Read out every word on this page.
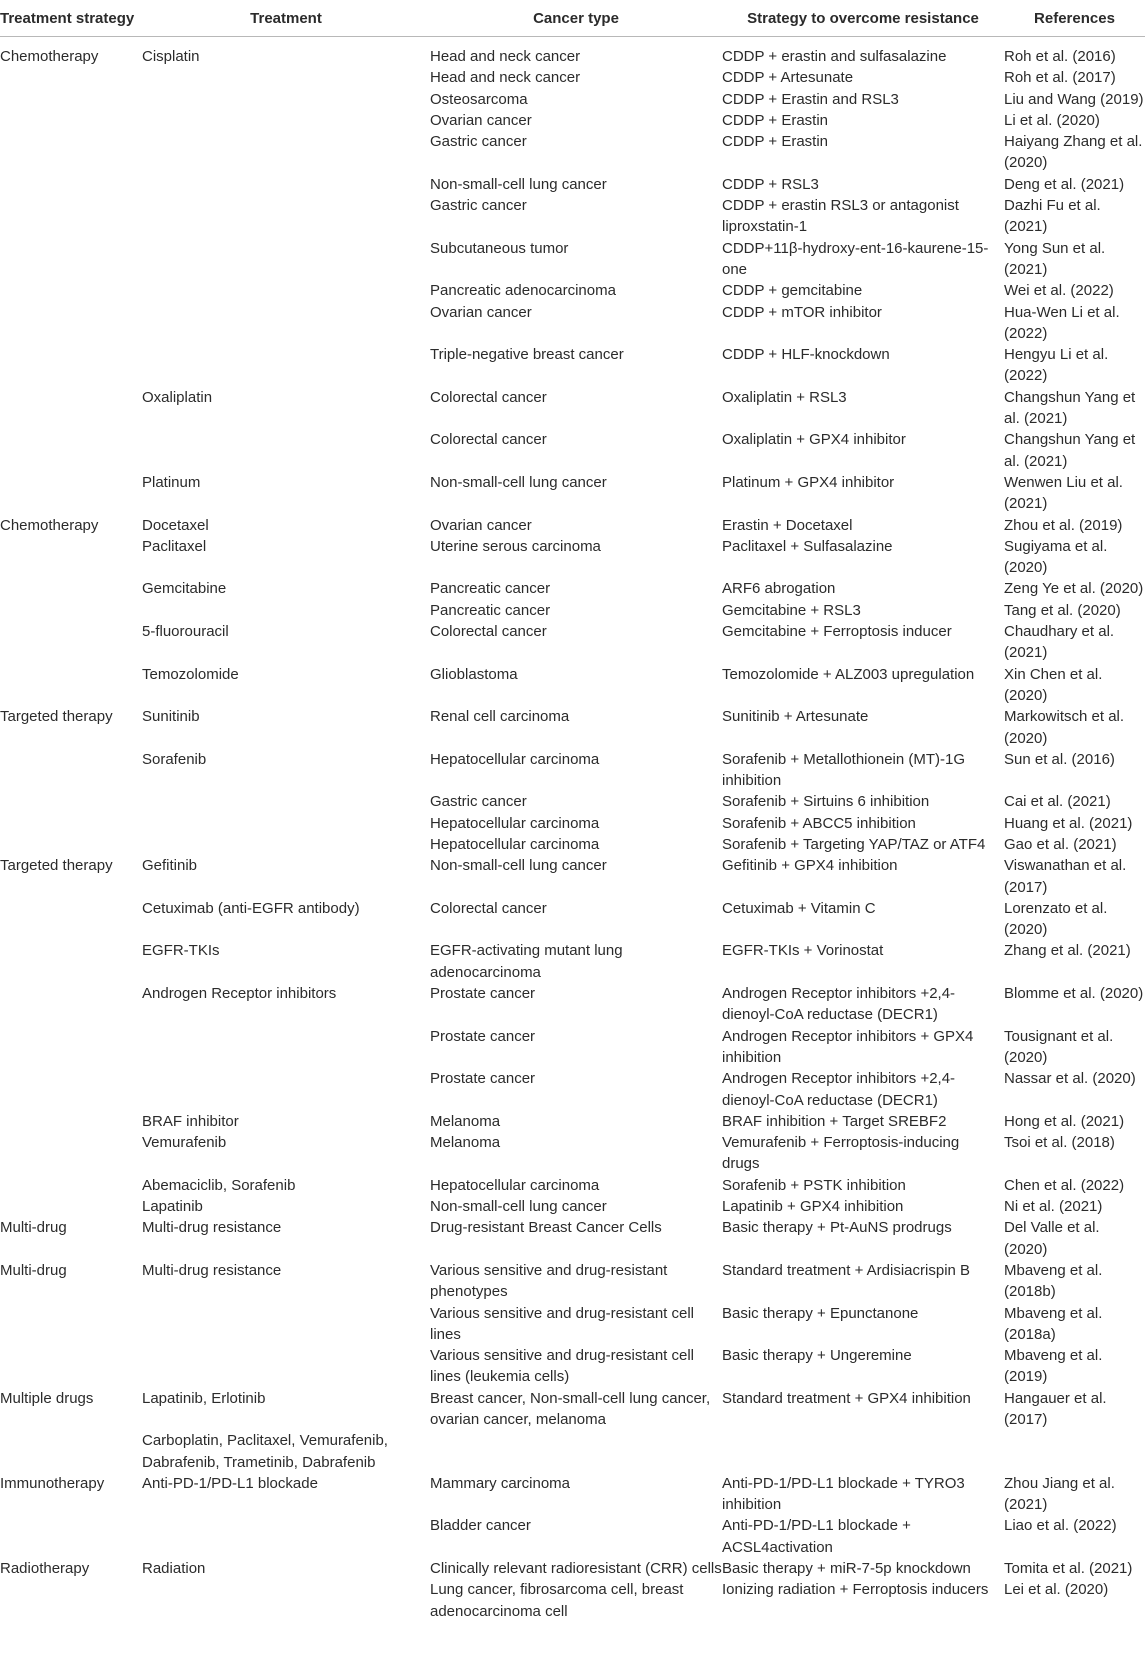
Treatment strategy	Treatment	Cancer type	Strategy to overcome resistance	References
Chemotherapy	Cisplatin	Head and neck cancer	CDDP + erastin and sulfasalazine	Roh et al. (2016)
		Head and neck cancer	CDDP + Artesunate	Roh et al. (2017)
		Osteosarcoma	CDDP + Erastin and RSL3	Liu and Wang (2019)
		Ovarian cancer	CDDP + Erastin	Li et al. (2020)
		Gastric cancer	CDDP + Erastin	Haiyang Zhang et al. (2020)
		Non-small-cell lung cancer	CDDP + RSL3	Deng et al. (2021)
		Gastric cancer	CDDP + erastin RSL3 or antagonist liproxstatin-1	Dazhi Fu et al. (2021)
		Subcutaneous tumor	CDDP+11β-hydroxy-ent-16-kaurene-15-one	Yong Sun et al. (2021)
		Pancreatic adenocarcinoma	CDDP + gemcitabine	Wei et al. (2022)
		Ovarian cancer	CDDP + mTOR inhibitor	Hua-Wen Li et al. (2022)
		Triple-negative breast cancer	CDDP + HLF-knockdown	Hengyu Li et al. (2022)
	Oxaliplatin	Colorectal cancer	Oxaliplatin + RSL3	Changshun Yang et al. (2021)
		Colorectal cancer	Oxaliplatin + GPX4 inhibitor	Changshun Yang et al. (2021)
	Platinum	Non-small-cell lung cancer	Platinum + GPX4 inhibitor	Wenwen Liu et al. (2021)
Chemotherapy	Docetaxel	Ovarian cancer	Erastin + Docetaxel	Zhou et al. (2019)
	Paclitaxel	Uterine serous carcinoma	Paclitaxel + Sulfasalazine	Sugiyama et al. (2020)
	Gemcitabine	Pancreatic cancer	ARF6 abrogation	Zeng Ye et al. (2020)
		Pancreatic cancer	Gemcitabine + RSL3	Tang et al. (2020)
	5-fluorouracil	Colorectal cancer	Gemcitabine + Ferroptosis inducer	Chaudhary et al. (2021)
	Temozolomide	Glioblastoma	Temozolomide + ALZ003 upregulation	Xin Chen et al. (2020)
Targeted therapy	Sunitinib	Renal cell carcinoma	Sunitinib + Artesunate	Markowitsch et al. (2020)
	Sorafenib	Hepatocellular carcinoma	Sorafenib + Metallothionein (MT)-1G inhibition	Sun et al. (2016)
		Gastric cancer	Sorafenib + Sirtuins 6 inhibition	Cai et al. (2021)
		Hepatocellular carcinoma	Sorafenib + ABCC5 inhibition	Huang et al. (2021)
		Hepatocellular carcinoma	Sorafenib + Targeting YAP/TAZ or ATF4	Gao et al. (2021)
Targeted therapy	Gefitinib	Non-small-cell lung cancer	Gefitinib + GPX4 inhibition	Viswanathan et al. (2017)
	Cetuximab (anti-EGFR antibody)	Colorectal cancer	Cetuximab + Vitamin C	Lorenzato et al. (2020)
	EGFR-TKIs	EGFR-activating mutant lung adenocarcinoma	EGFR-TKIs + Vorinostat	Zhang et al. (2021)
	Androgen Receptor inhibitors	Prostate cancer	Androgen Receptor inhibitors +2,4-dienoyl-CoA reductase (DECR1)	Blomme et al. (2020)
		Prostate cancer	Androgen Receptor inhibitors + GPX4 inhibition	Tousignant et al. (2020)
		Prostate cancer	Androgen Receptor inhibitors +2,4-dienoyl-CoA reductase (DECR1)	Nassar et al. (2020)
	BRAF inhibitor	Melanoma	BRAF inhibition + Target SREBF2	Hong et al. (2021)
	Vemurafenib	Melanoma	Vemurafenib + Ferroptosis-inducing drugs	Tsoi et al. (2018)
	Abemaciclib, Sorafenib	Hepatocellular carcinoma	Sorafenib + PSTK inhibition	Chen et al. (2022)
	Lapatinib	Non-small-cell lung cancer	Lapatinib + GPX4 inhibition	Ni et al. (2021)
Multi-drug	Multi-drug resistance	Drug-resistant Breast Cancer Cells	Basic therapy + Pt-AuNS prodrugs	Del Valle et al. (2020)
Multi-drug	Multi-drug resistance	Various sensitive and drug-resistant phenotypes	Standard treatment + Ardisiacrispin B	Mbaveng et al. (2018b)
		Various sensitive and drug-resistant cell lines	Basic therapy + Epunctanone	Mbaveng et al. (2018a)
		Various sensitive and drug-resistant cell lines (leukemia cells)	Basic therapy + Ungeremine	Mbaveng et al. (2019)
Multiple drugs	Lapatinib, Erlotinib	Breast cancer, Non-small-cell lung cancer, ovarian cancer, melanoma	Standard treatment + GPX4 inhibition	Hangauer et al. (2017)
	Carboplatin, Paclitaxel, Vemurafenib, Dabrafenib, Trametinib, Dabrafenib			
Immunotherapy	Anti-PD-1/PD-L1 blockade	Mammary carcinoma	Anti-PD-1/PD-L1 blockade + TYRO3 inhibition	Zhou Jiang et al. (2021)
		Bladder cancer	Anti-PD-1/PD-L1 blockade + ACSL4activation	Liao et al. (2022)
Radiotherapy	Radiation	Clinically relevant radioresistant (CRR) cells	Basic therapy + miR-7-5p knockdown	Tomita et al. (2021)
		Lung cancer, fibrosarcoma cell, breast adenocarcinoma cell	Ionizing radiation + Ferroptosis inducers	Lei et al. (2020)
